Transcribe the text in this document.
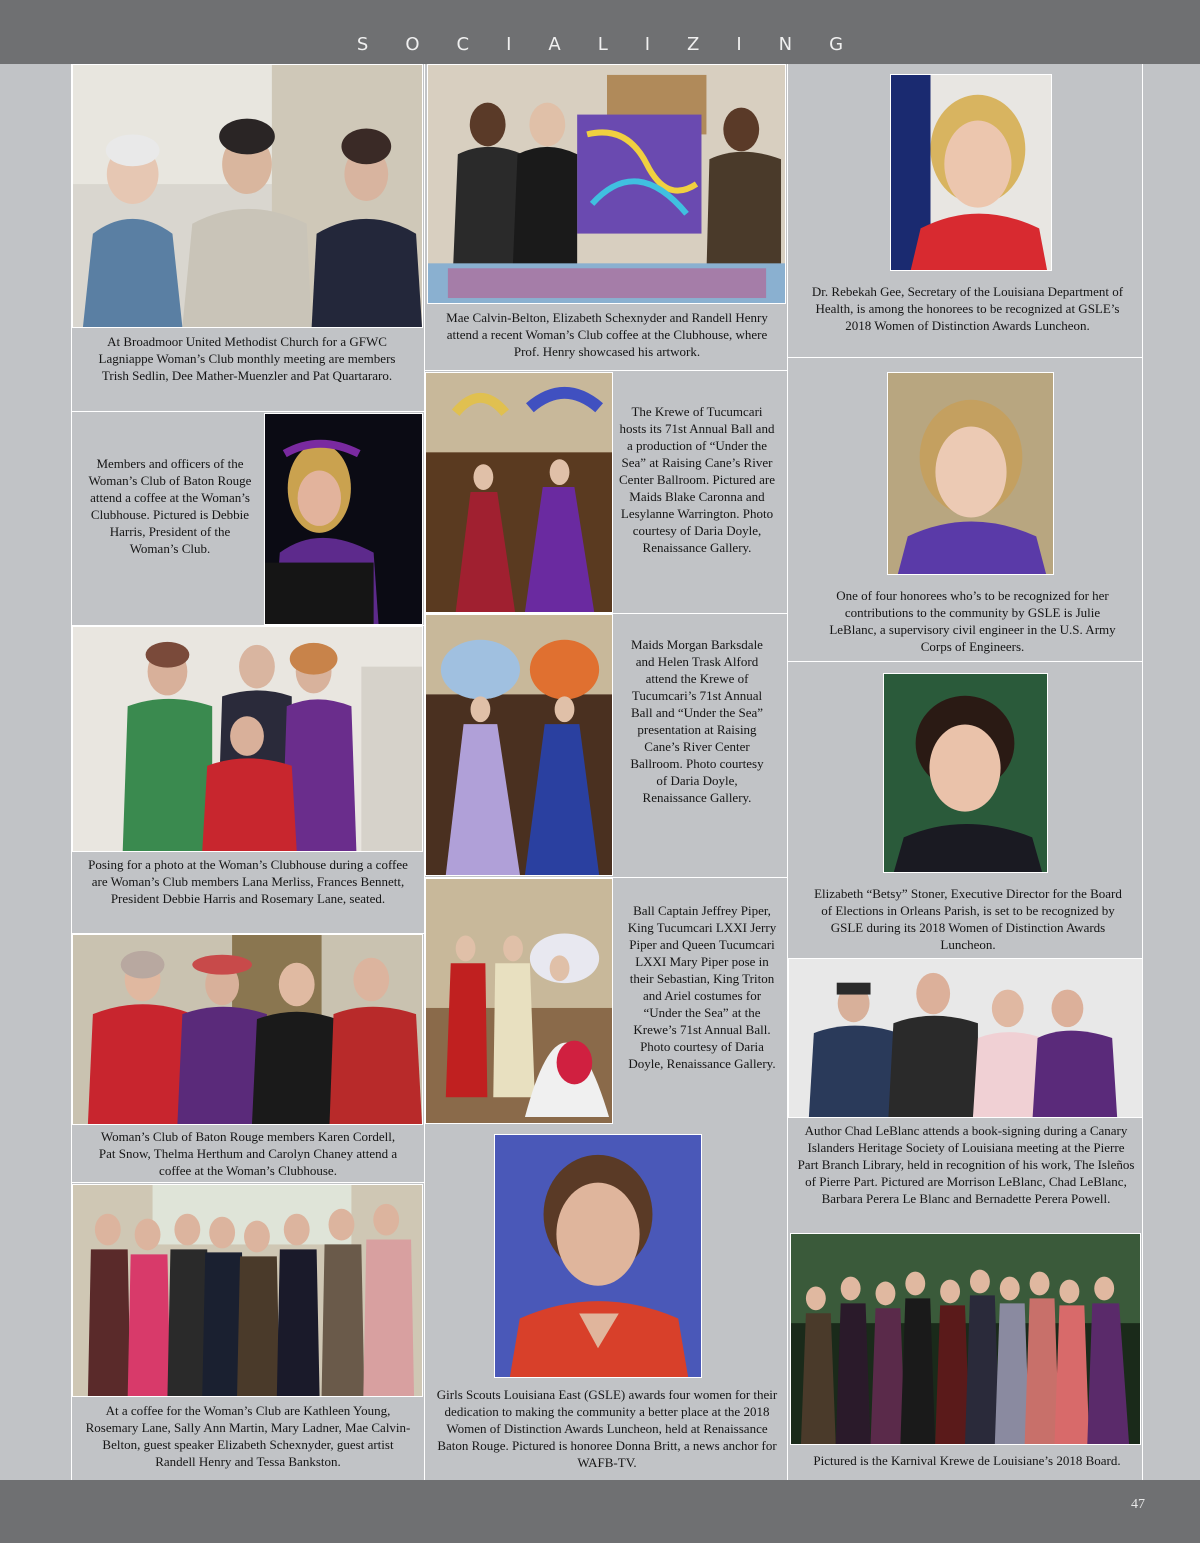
SOCIALIZING
At Broadmoor United Methodist Church for a GFWC Lagniappe Woman’s Club monthly meeting are members Trish Sedlin, Dee Mather-Muenzler and Pat Quartararo.
Members and officers of the Woman’s Club of Baton Rouge attend a coffee at the Woman’s Clubhouse. Pictured is Debbie Harris, President of the Woman’s Club.
Posing for a photo at the Woman’s Clubhouse during a coffee are Woman’s Club members Lana Merliss, Frances Bennett, President Debbie Harris and Rosemary Lane, seated.
Woman’s Club of Baton Rouge members Karen Cordell, Pat Snow, Thelma Herthum and Carolyn Chaney attend a coffee at the Woman’s Clubhouse.
At a coffee for the Woman’s Club are Kathleen Young, Rosemary Lane, Sally Ann Martin, Mary Ladner, Mae Calvin-Belton, guest speaker Elizabeth Schexnyder, guest artist Randell Henry and Tessa Bankston.
Mae Calvin-Belton, Elizabeth Schexnyder and Randell Henry attend a recent Woman’s Club coffee at the Clubhouse, where Prof. Henry showcased his artwork.
The Krewe of Tucumcari hosts its 71st Annual Ball and a production of “Under the Sea” at Raising Cane’s River Center Ballroom. Pictured are Maids Blake Caronna and Lesylanne Warrington. Photo courtesy of Daria Doyle, Renaissance Gallery.
Maids Morgan Barksdale and Helen Trask Alford attend the Krewe of Tucumcari’s 71st Annual Ball and “Under the Sea” presentation at Raising Cane’s River Center Ballroom. Photo courtesy of Daria Doyle, Renaissance Gallery.
Ball Captain Jeffrey Piper, King Tucumcari LXXI Jerry Piper and Queen Tucumcari LXXI Mary Piper pose in their Sebastian, King Triton and Ariel costumes for “Under the Sea” at the Krewe’s 71st Annual Ball. Photo courtesy of Daria Doyle, Renaissance Gallery.
Girls Scouts Louisiana East (GSLE) awards four women for their dedication to making the community a better place at the 2018 Women of Distinction Awards Luncheon, held at Renaissance Baton Rouge. Pictured is honoree Donna Britt, a news anchor for WAFB-TV.
Dr. Rebekah Gee, Secretary of the Louisiana Department of Health, is among the honorees to be recognized at GSLE’s 2018 Women of Distinction Awards Luncheon.
One of four honorees who’s to be recognized for her contributions to the community by GSLE is Julie LeBlanc, a supervisory civil engineer in the U.S. Army Corps of Engineers.
Elizabeth “Betsy” Stoner, Executive Director for the Board of Elections in Orleans Parish, is set to be recognized by GSLE during its 2018 Women of Distinction Awards Luncheon.
Author Chad LeBlanc attends a book-signing during a Canary Islanders Heritage Society of Louisiana meeting at the Pierre Part Branch Library, held in recognition of his work, The Isleños of Pierre Part. Pictured are Morrison LeBlanc, Chad LeBlanc, Barbara Perera Le Blanc and Bernadette Perera Powell.
Pictured is the Karnival Krewe de Louisiane’s 2018 Board.
47
